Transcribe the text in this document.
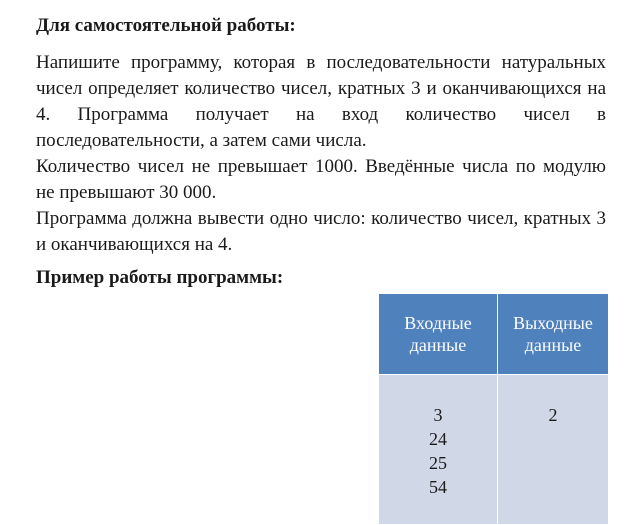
Для самостоятельной работы:

Напишите программу, которая в последовательности натуральных чисел определяет количество чисел, кратных 3 и оканчивающихся на 4. Программа получает на вход количество чисел в последовательности, а затем сами числа.

Количество чисел не превышает 1000. Введённые числа по модулю не превышают 30 000.

Программа должна вывести одно число: количество чисел, кратных 3 и оканчивающихся на 4.

Пример работы программы:

Входные данные	Выходные данные

3
24
25
54	2
